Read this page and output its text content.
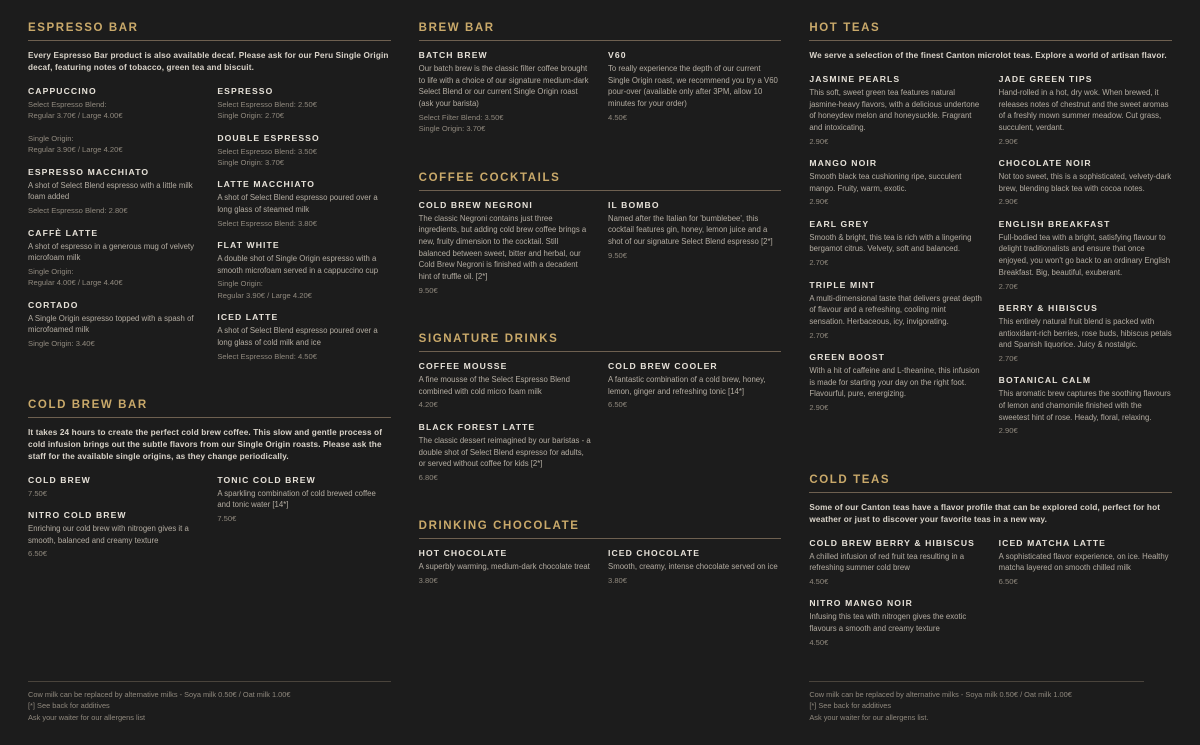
ESPRESSO BAR
Every Espresso Bar product is also available decaf. Please ask for our Peru Single Origin decaf, featuring notes of tobacco, green tea and biscuit.
CAPPUCCINO
Select Espresso Blend:
Regular 3.70€ / Large 4.00€

Single Origin:
Regular 3.90€ / Large 4.20€
ESPRESSO MACCHIATO
A shot of Select Blend espresso with a little milk foam added
Select Espresso Blend: 2.80€
CAFFÈ LATTE
A shot of espresso in a generous mug of velvety microfoam milk
Single Origin:
Regular 4.00€ / Large 4.40€
CORTADO
A Single Origin espresso topped with a spash of microfoamed milk
Single Origin: 3.40€
ESPRESSO
Select Espresso Blend: 2.50€
Single Origin: 2.70€
DOUBLE ESPRESSO
Select Espresso Blend: 3.50€
Single Origin: 3.70€
LATTE MACCHIATO
A shot of Select Blend espresso poured over a long glass of steamed milk
Select Espresso Blend: 3.80€
FLAT WHITE
A double shot of Single Origin espresso with a smooth microfoam served in a cappuccino cup
Single Origin:
Regular 3.90€ / Large 4.20€
ICED LATTE
A shot of Select Blend espresso poured over a long glass of cold milk and ice
Select Espresso Blend: 4.50€
COLD BREW BAR
It takes 24 hours to create the perfect cold brew coffee. This slow and gentle process of cold infusion brings out the subtle flavors from our Single Origin roasts. Please ask the staff for the available single origins, as they change periodically.
COLD BREW
7.50€
NITRO COLD BREW
Enriching our cold brew with nitrogen gives it a smooth, balanced and creamy texture
6.50€
TONIC COLD BREW
A sparkling combination of cold brewed coffee and tonic water [14*]
7.50€
Cow milk can be replaced by alternative milks - Soya milk 0.50€ / Oat milk 1.00€
[*] See back for additives
Ask your waiter for our allergens list
BREW BAR
BATCH BREW
Our batch brew is the classic filter coffee brought to life with a choice of our signature medium-dark Select Blend or our current Single Origin roast (ask your barista)
Select Filter Blend: 3.50€
Single Origin: 3.70€
V60
To really experience the depth of our current Single Origin roast, we recommend you try a V60 pour-over (available only after 3PM, allow 10 minutes for your order)
4.50€
COFFEE COCKTAILS
COLD BREW NEGRONI
The classic Negroni contains just three ingredients, but adding cold brew coffee brings a new, fruity dimension to the cocktail. Still balanced between sweet, bitter and herbal, our Cold Brew Negroni is finished with a decadent hint of truffle oil. [2*]
9.50€
IL BOMBO
Named after the Italian for 'bumblebee', this cocktail features gin, honey, lemon juice and a shot of our signature Select Blend espresso [2*]
9.50€
SIGNATURE DRINKS
COFFEE MOUSSE
A fine mousse of the Select Espresso Blend combined with cold micro foam milk
4.20€
BLACK FOREST LATTE
The classic dessert reimagined by our baristas - a double shot of Select Blend espresso for adults, or served without coffee for kids [2*]
6.80€
COLD BREW COOLER
A fantastic combination of a cold brew, honey, lemon, ginger and refreshing tonic [14*]
6.50€
DRINKING CHOCOLATE
HOT CHOCOLATE
A superbly warming, medium-dark chocolate treat
3.80€
ICED CHOCOLATE
Smooth, creamy, intense chocolate served on ice
3.80€
HOT TEAS
We serve a selection of the finest Canton microlot teas. Explore a world of artisan flavor.
JASMINE PEARLS
This soft, sweet green tea features natural jasmine-heavy flavors, with a delicious undertone of honeydew melon and honeysuckle. Fragrant and intoxicating.
2.90€
MANGO NOIR
Smooth black tea cushioning ripe, succulent mango. Fruity, warm, exotic.
2.90€
EARL GREY
Smooth & bright, this tea is rich with a lingering bergamot citrus. Velvety, soft and balanced.
2.70€
TRIPLE MINT
A multi-dimensional taste that delivers great depth of flavour and a refreshing, cooling mint sensation. Herbaceous, icy, invigorating.
2.70€
GREEN BOOST
With a hit of caffeine and L-theanine, this infusion is made for starting your day on the right foot. Flavourful, pure, energizing.
2.90€
JADE GREEN TIPS
Hand-rolled in a hot, dry wok. When brewed, it releases notes of chestnut and the sweet aromas of a freshly mown summer meadow. Cut grass, succulent, verdant.
2.90€
CHOCOLATE NOIR
Not too sweet, this is a sophisticated, velvety-dark brew, blending black tea with cocoa notes.
2.90€
ENGLISH BREAKFAST
Full-bodied tea with a bright, satisfying flavour to delight traditionalists and ensure that once enjoyed, you won't go back to an ordinary English Breakfast. Big, beautiful, exuberant.
2.70€
BERRY & HIBISCUS
This entirely natural fruit blend is packed with antioxidant-rich berries, rose buds, hibiscus petals and Spanish liquorice. Juicy & nostalgic.
2.70€
BOTANICAL CALM
This aromatic brew captures the soothing flavours of lemon and chamomile finished with the sweetest hint of rose. Heady, floral, relaxing.
2.90€
COLD TEAS
Some of our Canton teas have a flavor profile that can be explored cold, perfect for hot weather or just to discover your favorite teas in a new way.
COLD BREW BERRY & HIBISCUS
A chilled infusion of red fruit tea resulting in a refreshing summer cold brew
4.50€
NITRO MANGO NOIR
Infusing this tea with nitrogen gives the exotic flavours a smooth and creamy texture
4.50€
ICED MATCHA LATTE
A sophisticated flavor experience, on ice. Healthy matcha layered on smooth chilled milk
6.50€
Cow milk can be replaced by alternative milks - Soya milk 0.50€ / Oat milk 1.00€
[*] See back for additives
Ask your waiter for our allergens list.
